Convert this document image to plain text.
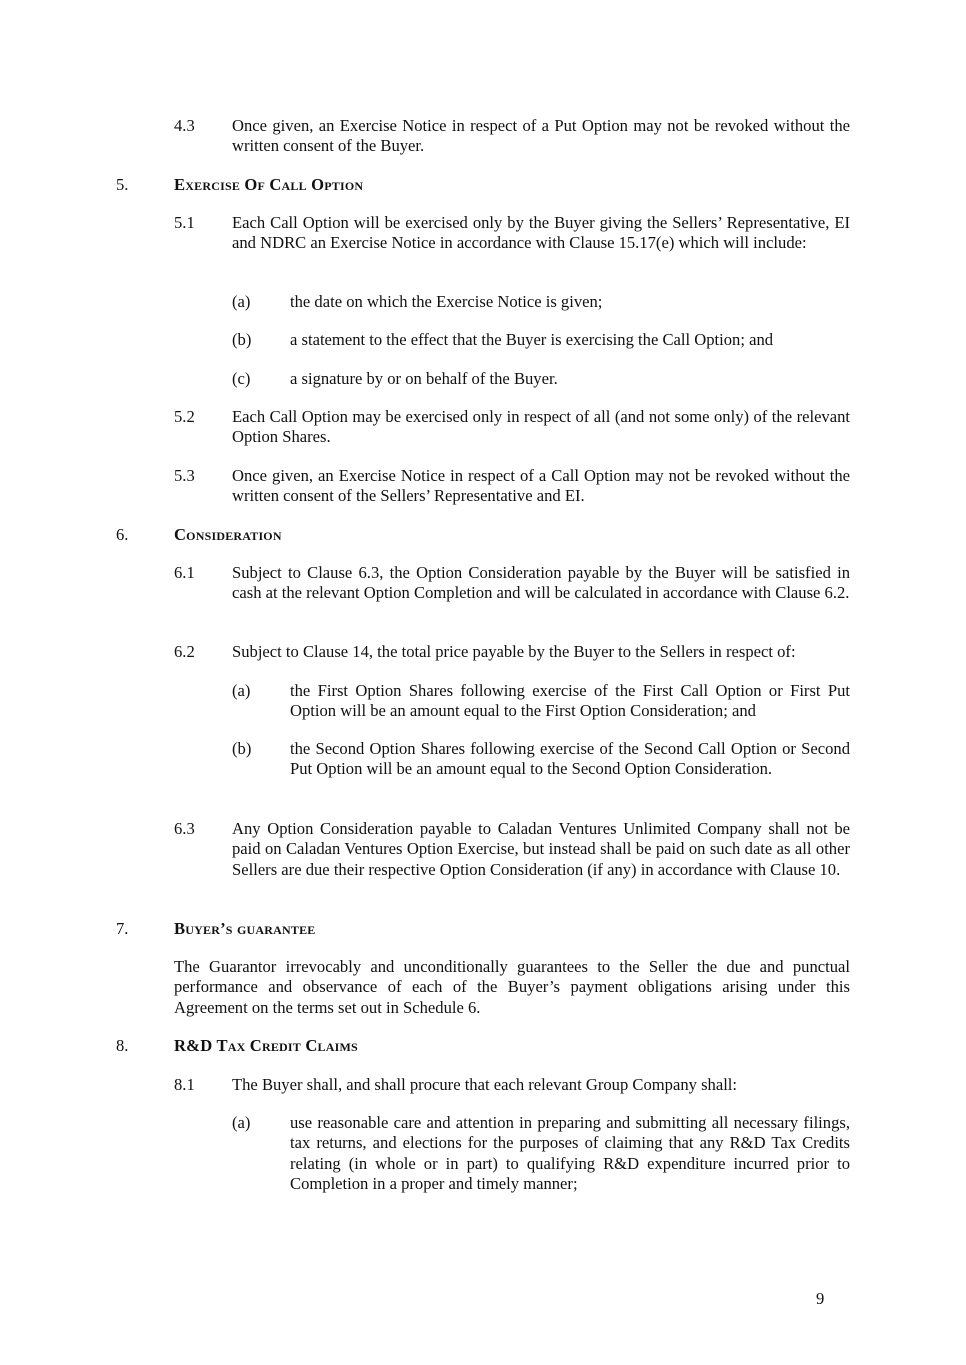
4.3 Once given, an Exercise Notice in respect of a Put Option may not be revoked without the written consent of the Buyer.

5.	Exercise Of Call Option
5.1 Each Call Option will be exercised only by the Buyer giving the Sellers’ Representative, EI and NDRC an Exercise Notice in accordance with Clause 15.17(e) which will include:

(a) the date on which the Exercise Notice is given;

(b) a statement to the effect that the Buyer is exercising the Call Option; and

(c) a signature by or on behalf of the Buyer.

5.2 Each Call Option may be exercised only in respect of all (and not some only) of the relevant Option Shares.

5.3 Once given, an Exercise Notice in respect of a Call Option may not be revoked without the written consent of the Sellers’ Representative and EI.

6.	Consideration
6.1 Subject to Clause 6.3, the Option Consideration payable by the Buyer will be satisfied in cash at the relevant Option Completion and will be calculated in accordance with Clause 6.2.

6.2 Subject to Clause 14, the total price payable by the Buyer to the Sellers in respect of:

(a) the First Option Shares following exercise of the First Call Option or First Put Option will be an amount equal to the First Option Consideration; and

(b) the Second Option Shares following exercise of the Second Call Option or Second Put Option will be an amount equal to the Second Option Consideration.

6.3 Any Option Consideration payable to Caladan Ventures Unlimited Company shall not be paid on Caladan Ventures Option Exercise, but instead shall be paid on such date as all other Sellers are due their respective Option Consideration (if any) in accordance with Clause 10.

7.	Buyer’s guarantee

The Guarantor irrevocably and unconditionally guarantees to the Seller the due and punctual performance and observance of each of the Buyer’s payment obligations arising under this Agreement on the terms set out in Schedule 6.

8.	R&D Tax Credit Claims
8.1 The Buyer shall, and shall procure that each relevant Group Company shall:

(a) use reasonable care and attention in preparing and submitting all necessary filings, tax returns, and elections for the purposes of claiming that any R&D Tax Credits relating (in whole or in part) to qualifying R&D expenditure incurred prior to Completion in a proper and timely manner;

9
